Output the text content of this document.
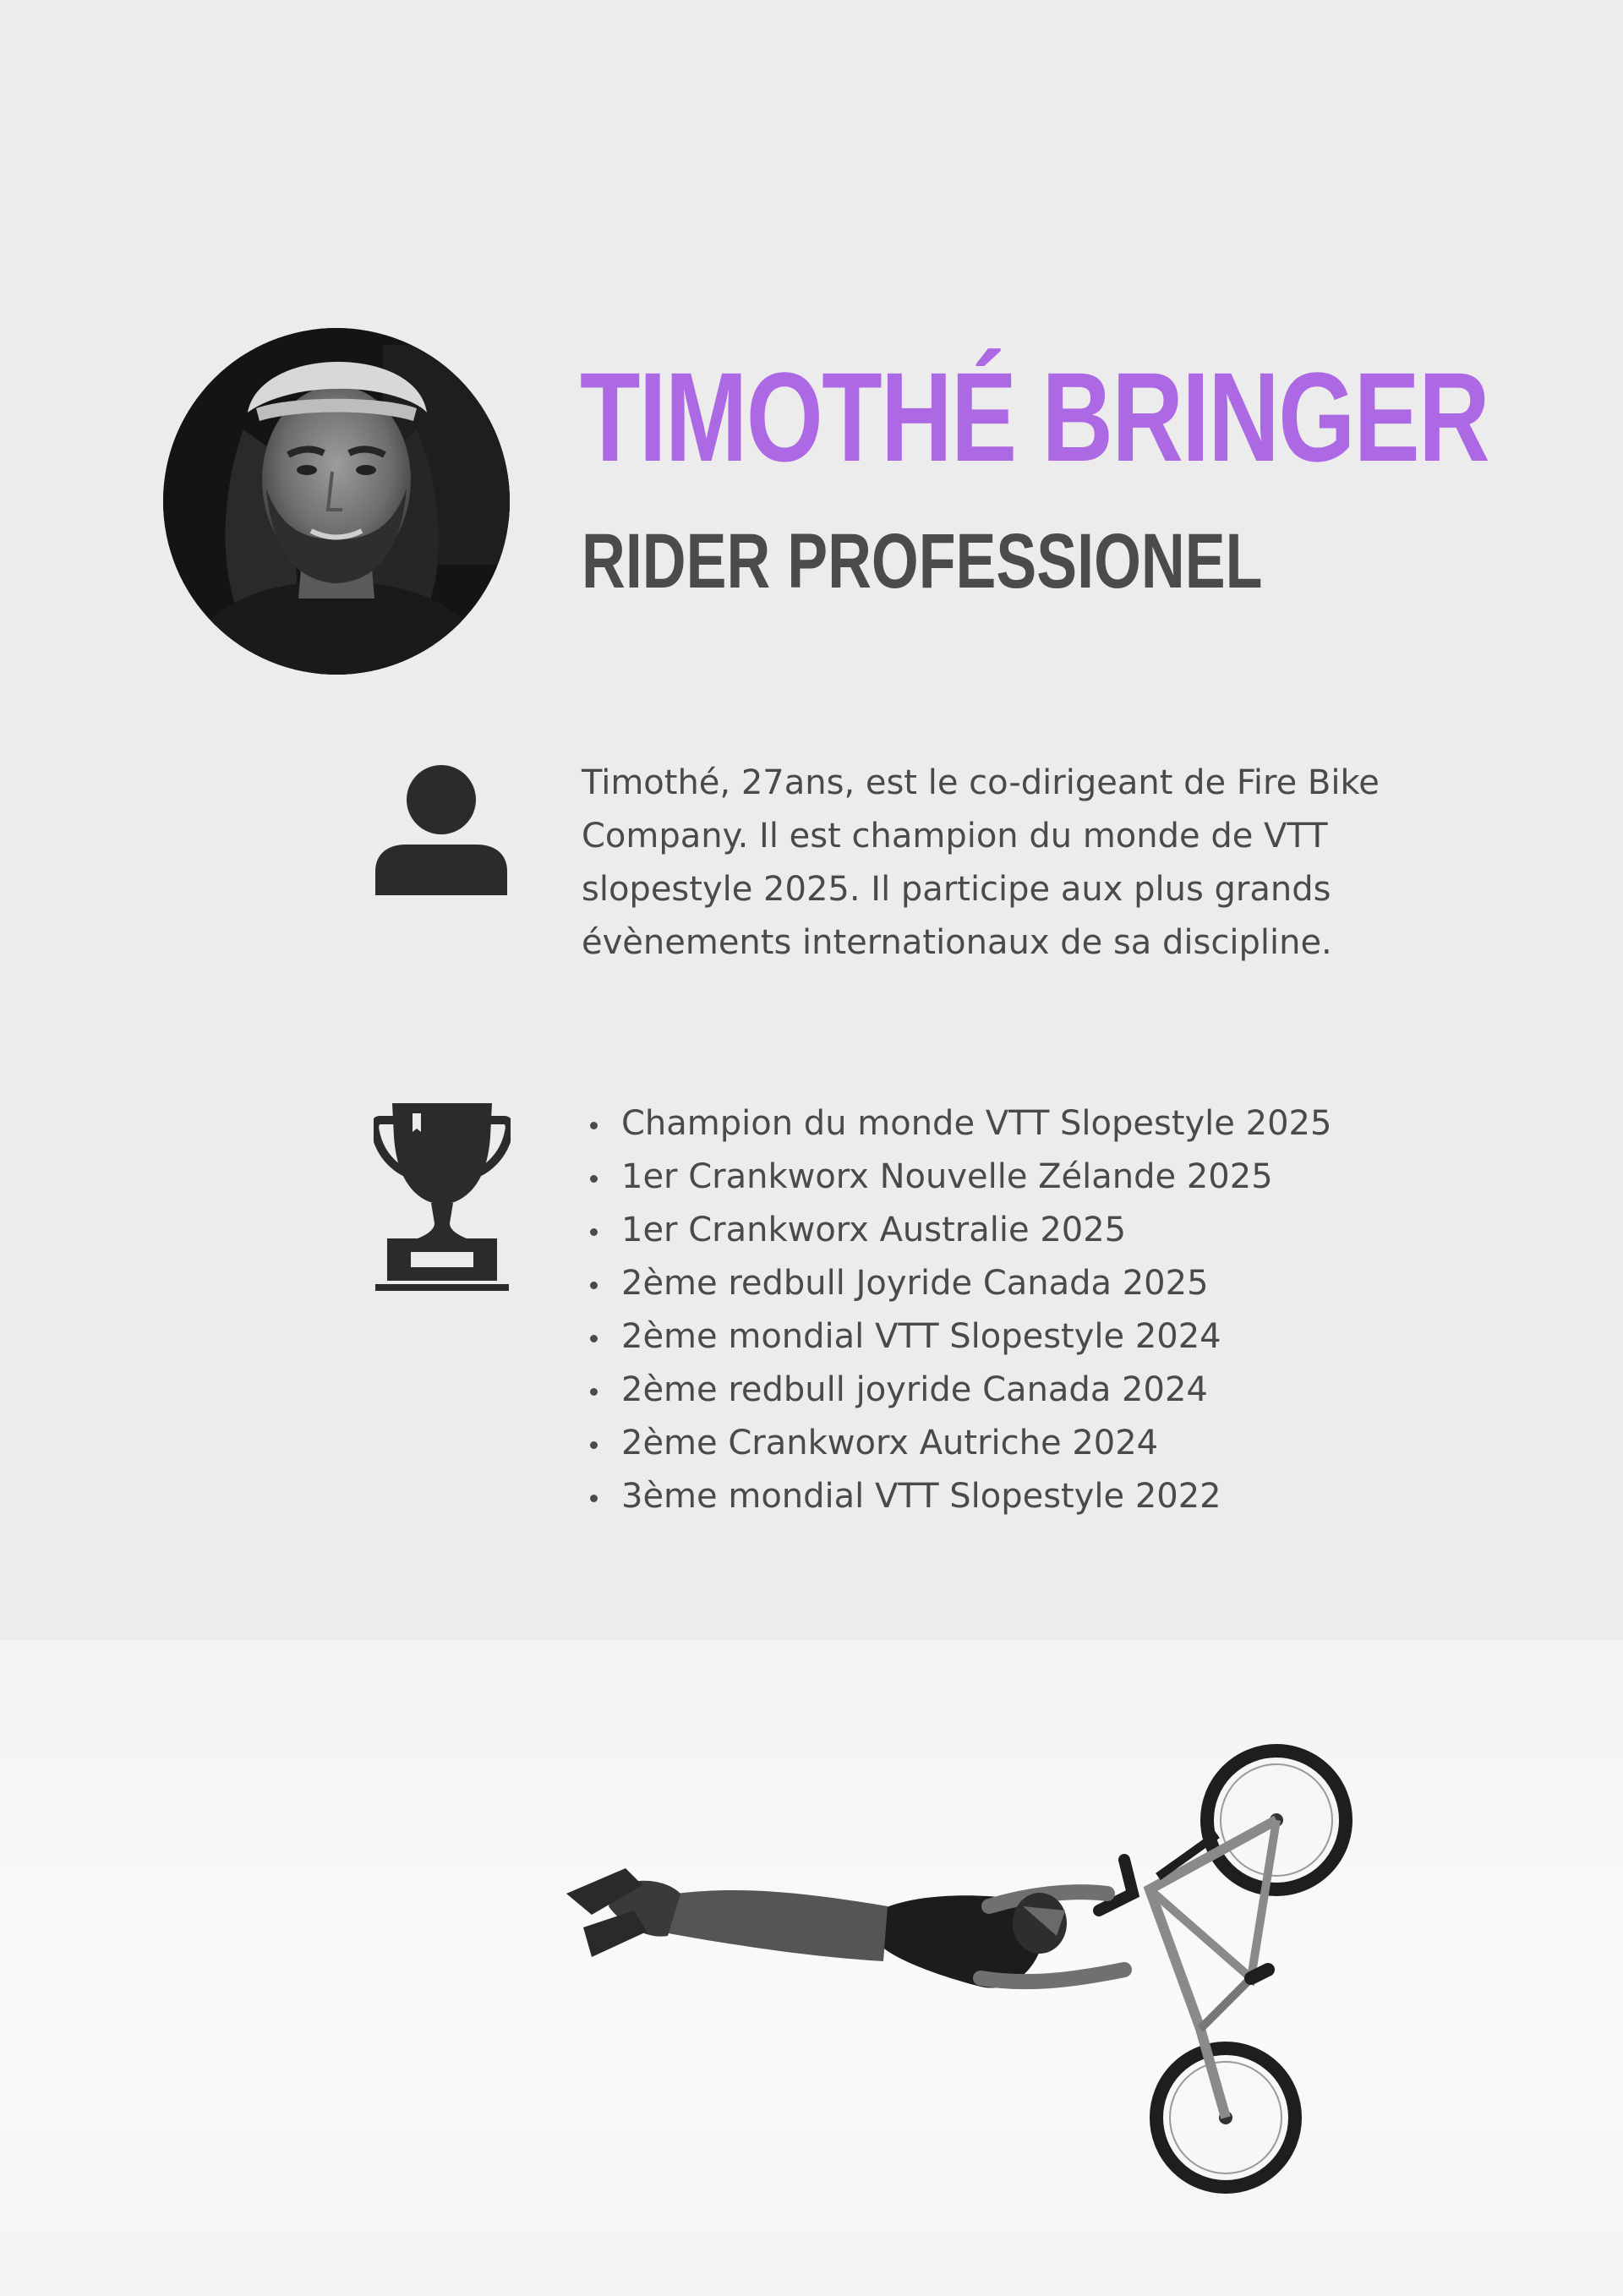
TIMOTHÉ BRINGER
RIDER PROFESSIONEL

Timothé, 27ans, est le co-dirigeant de Fire Bike Company. Il est champion du monde de VTT slopestyle 2025. Il participe aux plus grands évènements internationaux de sa discipline.

Champion du monde VTT Slopestyle 2025
1er Crankworx Nouvelle Zélande 2025
1er Crankworx Australie 2025
2ème redbull Joyride Canada 2025
2ème mondial VTT Slopestyle 2024
2ème redbull joyride Canada 2024
2ème Crankworx Autriche 2024
3ème mondial VTT Slopestyle 2022
